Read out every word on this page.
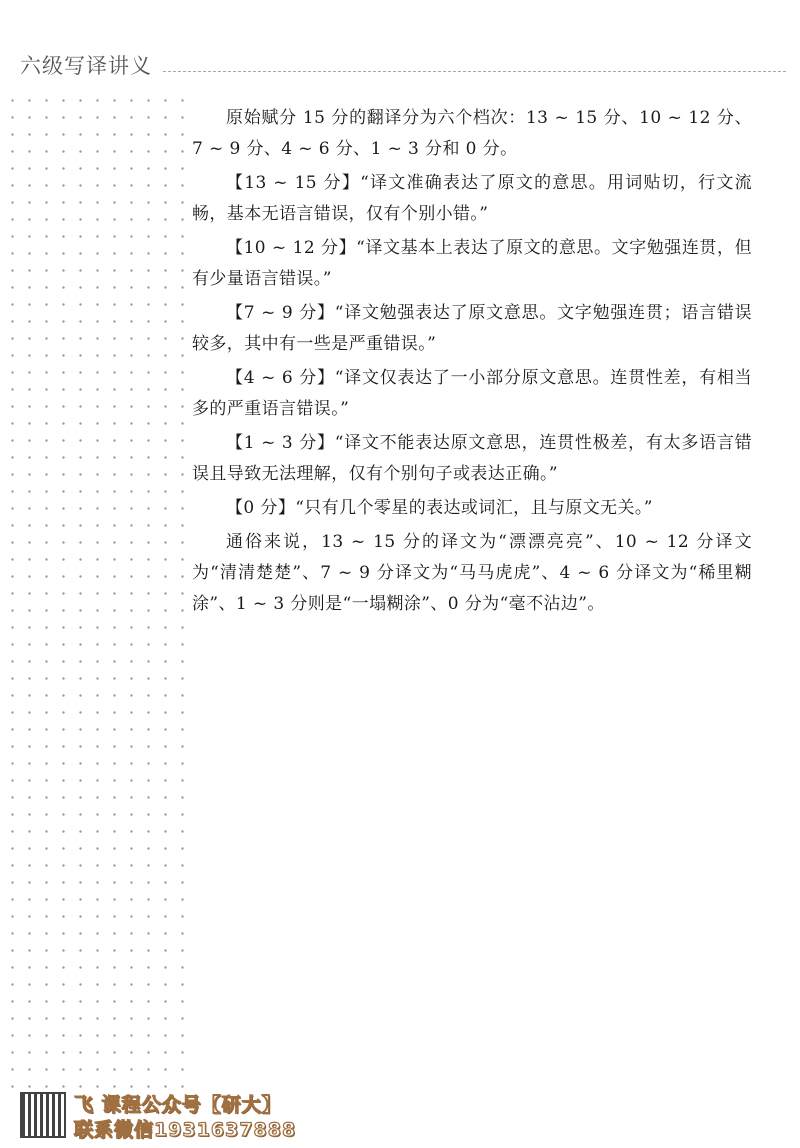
六级写译讲义

原始赋分 15 分的翻译分为六个档次：13 ~ 15 分、10 ~ 12 分、7 ~ 9 分、4 ~ 6 分、1 ~ 3 分和 0 分。

【13 ~ 15 分】“译文准确表达了原文的意思。用词贴切，行文流畅，基本无语言错误，仅有个别小错。”

【10 ~ 12 分】“译文基本上表达了原文的意思。文字勉强连贯，但有少量语言错误。”

【7 ~ 9 分】“译文勉强表达了原文意思。文字勉强连贯；语言错误较多，其中有一些是严重错误。”

【4 ~ 6 分】“译文仅表达了一小部分原文意思。连贯性差，有相当多的严重语言错误。”

【1 ~ 3 分】“译文不能表达原文意思，连贯性极差，有太多语言错误且导致无法理解，仅有个别句子或表达正确。”

【0 分】“只有几个零星的表达或词汇，且与原文无关。”

通俗来说，13 ~ 15 分的译文为“漂漂亮亮”、10 ~ 12 分译文为“清清楚楚”、7 ~ 9 分译文为“马马虎虎”、4 ~ 6 分译文为“稀里糊涂”、1 ~ 3 分则是“一塌糊涂”、0 分为“毫不沾边”。

飞 课程公众号【研大】
联系微信1931637888
